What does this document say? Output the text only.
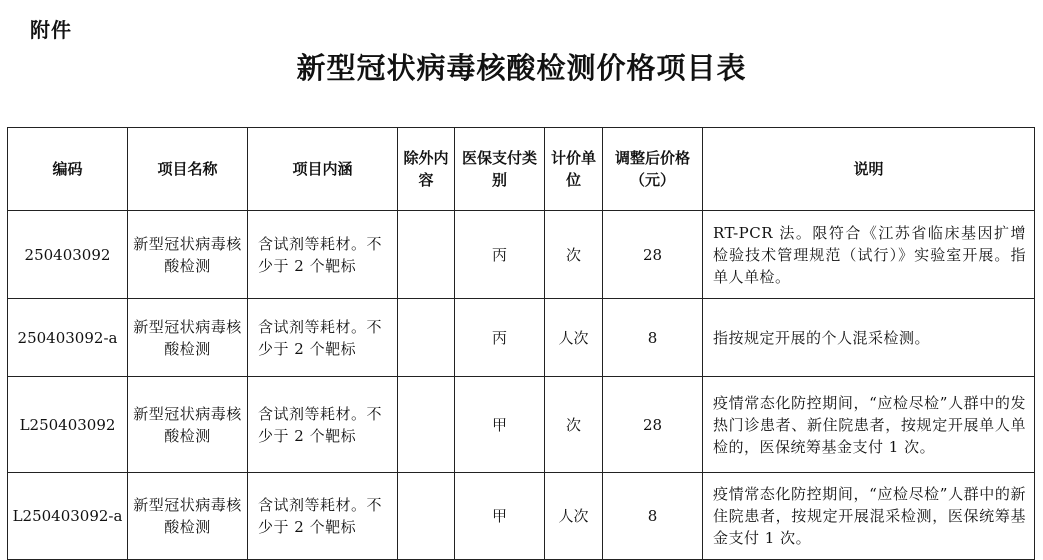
附件
新型冠状病毒核酸检测价格项目表
编码	项目名称	项目内涵	除外内容	医保支付类别	计价单位	调整后价格（元）	说明
250403092	新型冠状病毒核酸检测	含试剂等耗材。不少于 2 个靶标		丙	次	28	RT-PCR 法。限符合《江苏省临床基因扩增检验技术管理规范（试行）》实验室开展。指单人单检。
250403092-a	新型冠状病毒核酸检测	含试剂等耗材。不少于 2 个靶标		丙	人次	8	指按规定开展的个人混采检测。
L250403092	新型冠状病毒核酸检测	含试剂等耗材。不少于 2 个靶标		甲	次	28	疫情常态化防控期间，“应检尽检”人群中的发热门诊患者、新住院患者，按规定开展单人单检的，医保统筹基金支付 1 次。
L250403092-a	新型冠状病毒核酸检测	含试剂等耗材。不少于 2 个靶标		甲	人次	8	疫情常态化防控期间，“应检尽检”人群中的新住院患者，按规定开展混采检测，医保统筹基金支付 1 次。
